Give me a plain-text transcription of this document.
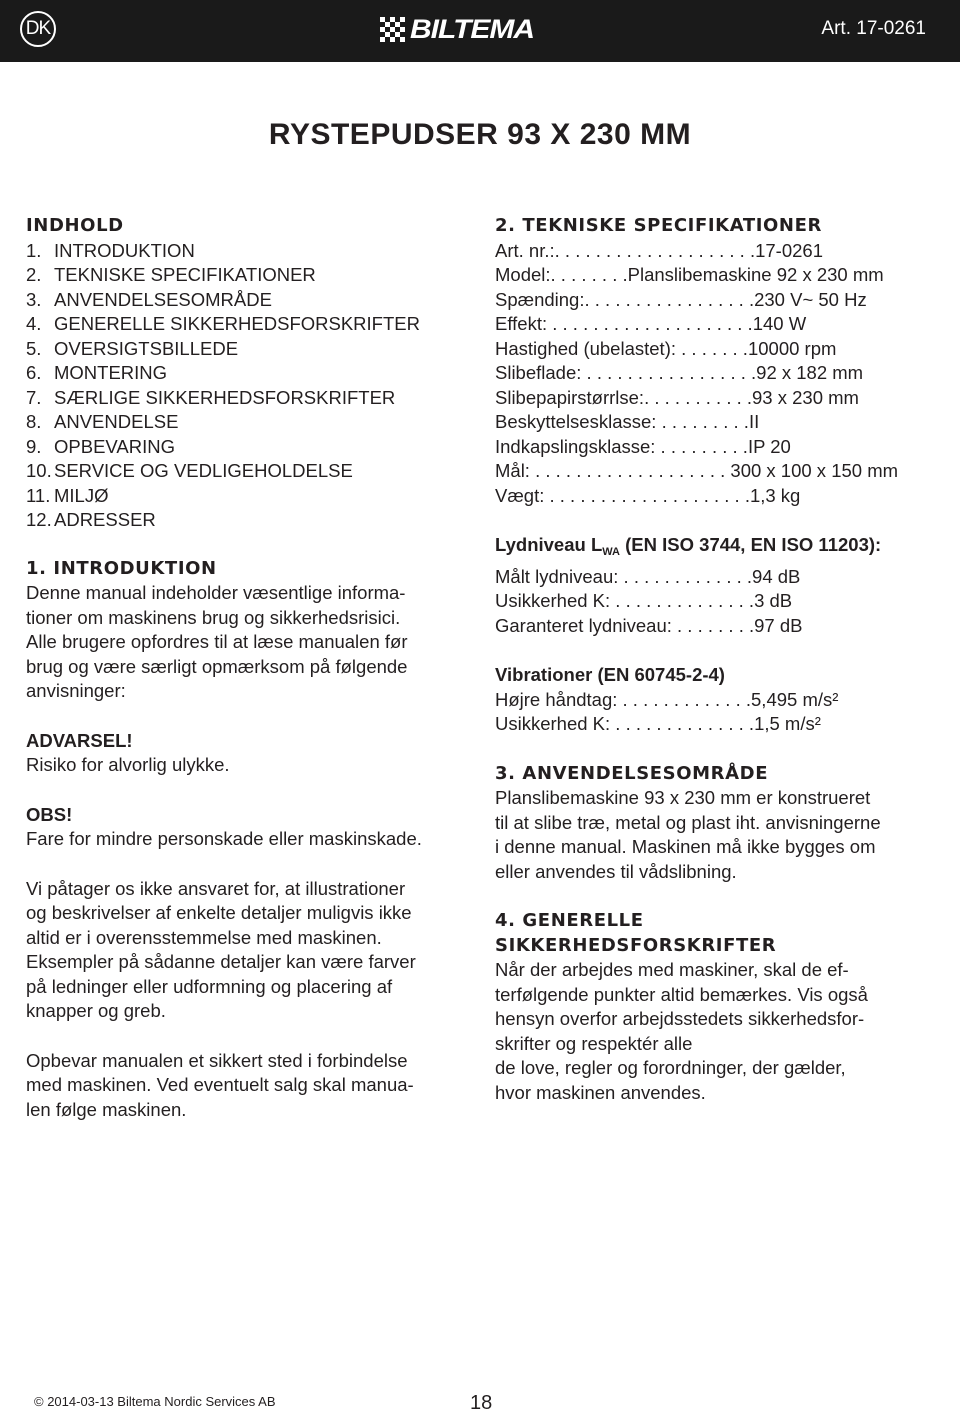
DK	BILTEMA	Art. 17-0261
RYSTEPUDSER 93 X 230 MM
INDHOLD
1. INTRODUKTION
2. TEKNISKE SPECIFIKATIONER
3. ANVENDELSESOMRÅDE
4. GENERELLE SIKKERHEDSFORSKRIFTER
5. OVERSIGTSBILLEDE
6. MONTERING
7. SÆRLIGE SIKKERHEDSFORSKRIFTER
8. ANVENDELSE
9. OPBEVARING
10. SERVICE OG VEDLIGEHOLDELSE
11. MILJØ
12. ADRESSER
1. INTRODUKTION

Denne manual indeholder væsentlige informa-

tioner om maskinens brug og sikkerhedsrisici.

Alle brugere opfordres til at læse manualen før

brug og være særligt opmærksom på følgende

anvisninger:

ADVARSEL!

Risiko for alvorlig ulykke.

OBS!

Fare for mindre personskade eller maskinskade.

Vi påtager os ikke ansvaret for, at illustrationer

og beskrivelser af enkelte detaljer muligvis ikke

altid er i overensstemmelse med maskinen.

Eksempler på sådanne detaljer kan være farver

på ledninger eller udformning og placering af

knapper og greb.

Opbevar manualen et sikkert sted i forbindelse

med maskinen. Ved eventuelt salg skal manua-

len følge maskinen.

2. TEKNISKE SPECIFIKATIONER
Art. nr.:. . . . . . . . . . . . . . . . . . . .17-0261
Model:. . . . . . . .Planslibemaskine 92 x 230 mm
Spænding:. . . . . . . . . . . . . . . . .230 V~ 50 Hz
Effekt: . . . . . . . . . . . . . . . . . . . .140 W
Hastighed (ubelastet): . . . . . . .10000 rpm
Slibeflade: . . . . . . . . . . . . . . . . .92 x 182 mm
Slibepapirstørrlse:. . . . . . . . . . .93 x 230 mm
Beskyttelsesklasse: . . . . . . . . .II
Indkapslingsklasse: . . . . . . . . .IP 20
Mål: . . . . . . . . . . . . . . . . . . . 300 x 100 x 150 mm
Vægt: . . . . . . . . . . . . . . . . . . . .1,3 kg

Lydniveau $L_{WA}$ (EN ISO 3744, EN ISO 11203):

Målt lydniveau: . . . . . . . . . . . . .94 dB
Usikkerhed K: . . . . . . . . . . . . . .3 dB
Garanteret lydniveau: . . . . . . . .97 dB

Vibrationer (EN 60745-2-4)

Højre håndtag: . . . . . . . . . . . . .5,495 m/s²
Usikkerhed K: . . . . . . . . . . . . . .1,5 m/s²
3. ANVENDELSESOMRÅDE

Planslibemaskine 93 x 230 mm er konstrueret

til at slibe træ, metal og plast iht. anvisningerne

i denne manual. Maskinen må ikke bygges om

eller anvendes til vådslibning.

4. GENERELLE
SIKKERHEDSFORSKRIFTER

Når der arbejdes med maskiner, skal de ef-

terfølgende punkter altid bemærkes. Vis også

hensyn overfor arbejdsstedets sikkerhedsfor-

skrifter og respektér alle

de love, regler og forordninger, der gælder,

hvor maskinen anvendes.

© 2014-03-13 Biltema Nordic Services AB	18
